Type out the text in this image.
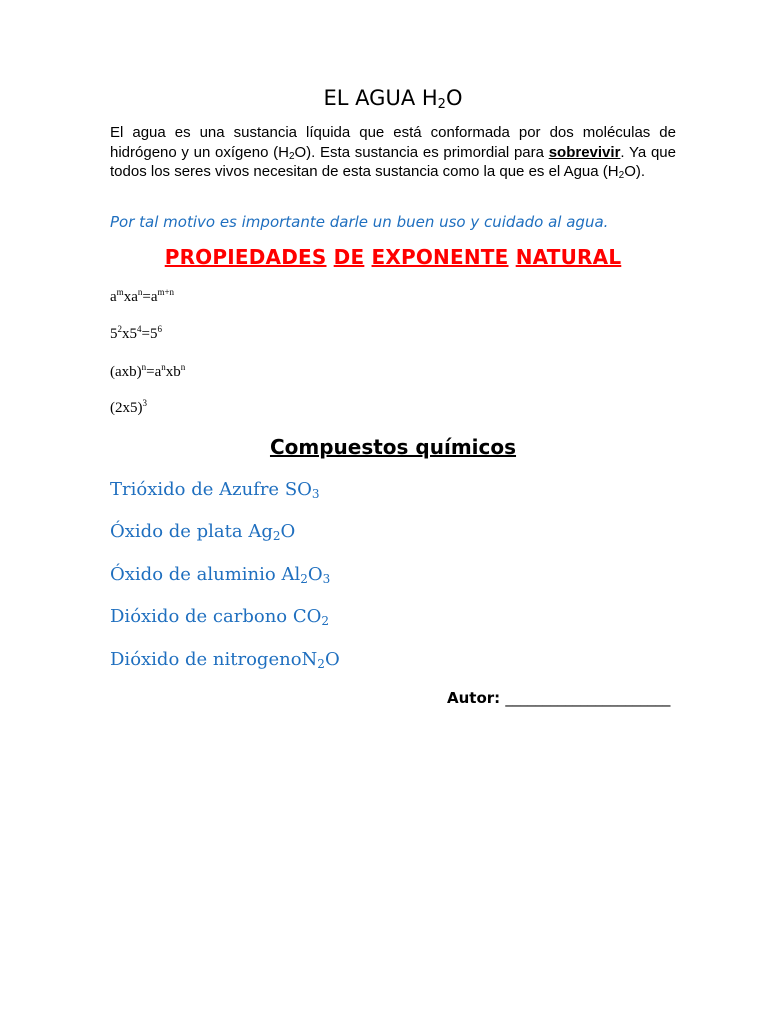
EL AGUA $H_2O$
El agua es una sustancia líquida que está conformada por dos moléculas de hidrógeno y un oxígeno $(H_2O)$. Esta sustancia es primordial para sobrevivir. Ya que todos los seres vivos necesitan de esta sustancia como la que es el Agua $(H_2O)$.
Por tal motivo es importante darle un buen uso y cuidado al agua.
PROPIEDADES DE EXPONENTE NATURAL
$a^mxa^n=a^{m+n}$
$5^2x5^4=5^6$
$(axb)^n=a^nxb^n$
$(2x5)^3$
Compuestos químicos
Trióxido de Azufre $SO_3$
Óxido de plata $Ag_2O$
Óxido de aluminio $Al_2O_3$
Dióxido de carbono $CO_2$
Dióxido de nitrogenoN$_2$O
Autor: ______________________
